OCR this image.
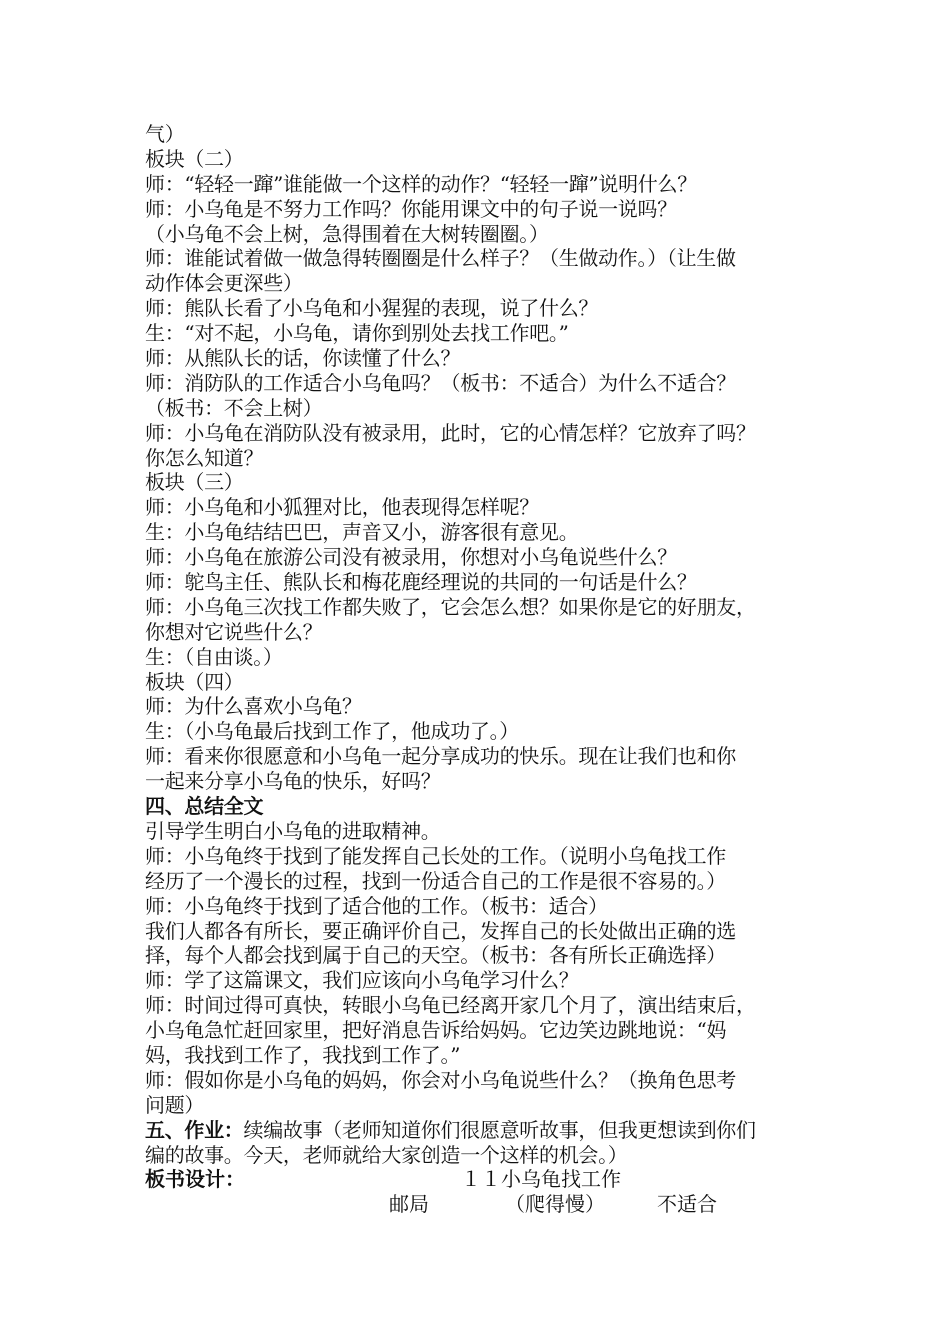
气）
板块（二）
师：“轻轻一蹿”谁能做一个这样的动作？“轻轻一蹿”说明什么？
师：小乌龟是不努力工作吗？你能用课文中的句子说一说吗？
（小乌龟不会上树，急得围着在大树转圈圈。）
师：谁能试着做一做急得转圈圈是什么样子？（生做动作。）（让生做
动作体会更深些）
师：熊队长看了小乌龟和小猩猩的表现，说了什么？
生：“对不起，小乌龟，请你到别处去找工作吧。”
师：从熊队长的话，你读懂了什么？
师：消防队的工作适合小乌龟吗？（板书：不适合）为什么不适合？
（板书：不会上树）
师：小乌龟在消防队没有被录用，此时，它的心情怎样？它放弃了吗？
你怎么知道？
板块（三）
师：小乌龟和小狐狸对比，他表现得怎样呢？
生：小乌龟结结巴巴，声音又小，游客很有意见。
师：小乌龟在旅游公司没有被录用，你想对小乌龟说些什么？
师：鸵鸟主任、熊队长和梅花鹿经理说的共同的一句话是什么？
师：小乌龟三次找工作都失败了，它会怎么想？如果你是它的好朋友，
你想对它说些什么？
生：（自由谈。）
板块（四）
师：为什么喜欢小乌龟？
生：（小乌龟最后找到工作了，他成功了。）
师：看来你很愿意和小乌龟一起分享成功的快乐。现在让我们也和你
一起来分享小乌龟的快乐，好吗？
四、总结全文
引导学生明白小乌龟的进取精神。
师：小乌龟终于找到了能发挥自己长处的工作。（说明小乌龟找工作
经历了一个漫长的过程，找到一份适合自己的工作是很不容易的。）
师：小乌龟终于找到了适合他的工作。（板书：适合）
我们人都各有所长，要正确评价自己，发挥自己的长处做出正确的选
择，每个人都会找到属于自己的天空。（板书：各有所长正确选择）
师：学了这篇课文，我们应该向小乌龟学习什么？
师：时间过得可真快，转眼小乌龟已经离开家几个月了，演出结束后，
小乌龟急忙赶回家里，把好消息告诉给妈妈。它边笑边跳地说：“妈
妈，我找到工作了，我找到工作了。”
师：假如你是小乌龟的妈妈，你会对小乌龟说些什么？（换角色思考
问题）
五、作业：续编故事（老师知道你们很愿意听故事，但我更想读到你们
编的故事。今天，老师就给大家创造一个这样的机会。）
板书设计：	１１小乌龟找工作
邮局	（爬得慢）	不适合
